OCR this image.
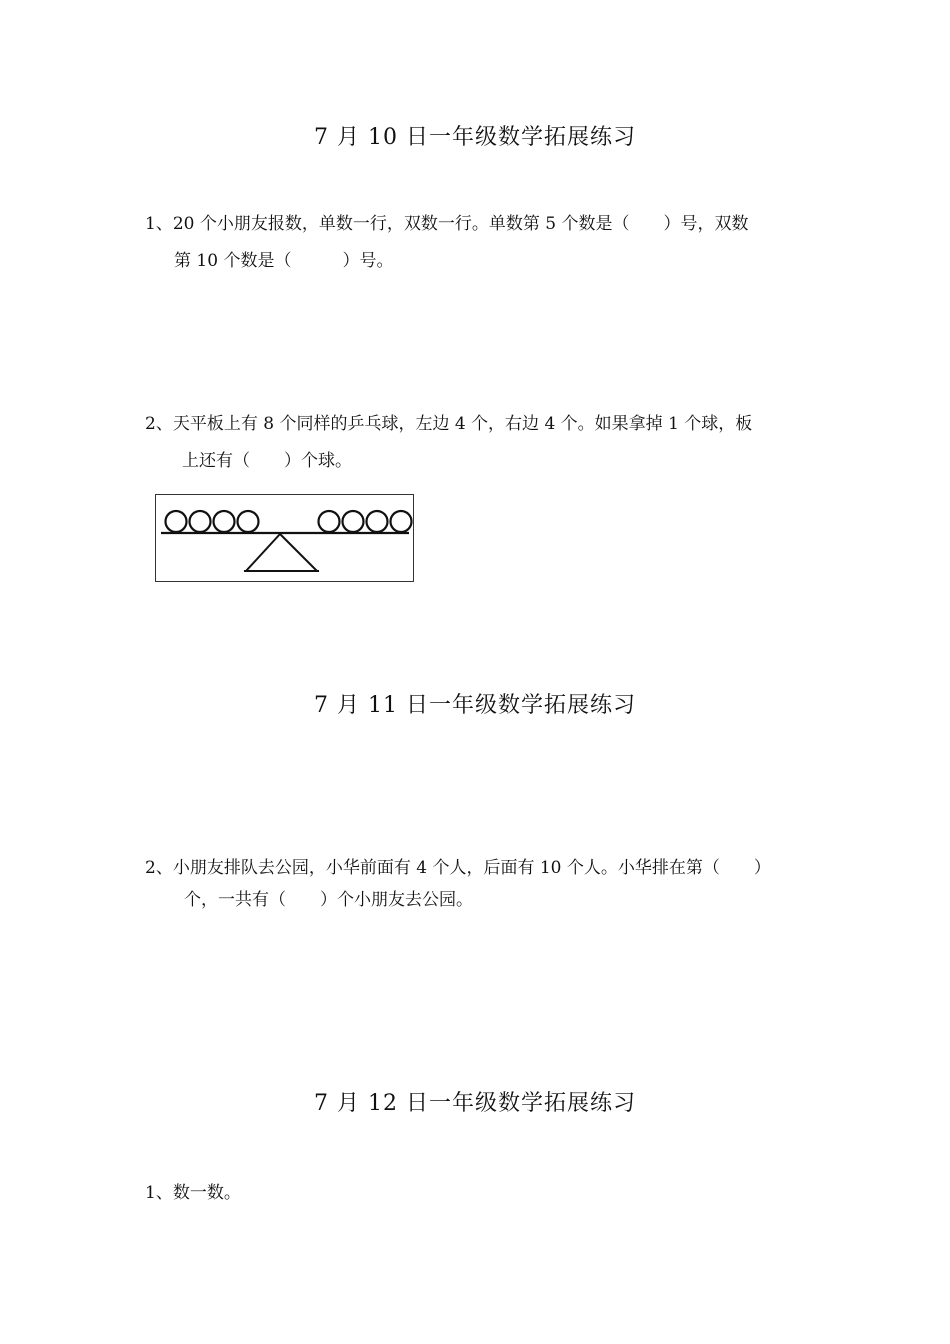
7 月 10 日一年级数学拓展练习

1、20 个小朋友报数，单数一行，双数一行。单数第 5 个数是（　　）号，双数

第 10 个数是（　　　）号。

2、天平板上有 8 个同样的乒乓球，左边 4 个，右边 4 个。如果拿掉 1 个球，板

上还有（　　）个球。

7 月 11 日一年级数学拓展练习

2、小朋友排队去公园，小华前面有 4 个人，后面有 10 个人。小华排在第（　　）

个，一共有（　　）个小朋友去公园。

7 月 12 日一年级数学拓展练习

1、数一数。
